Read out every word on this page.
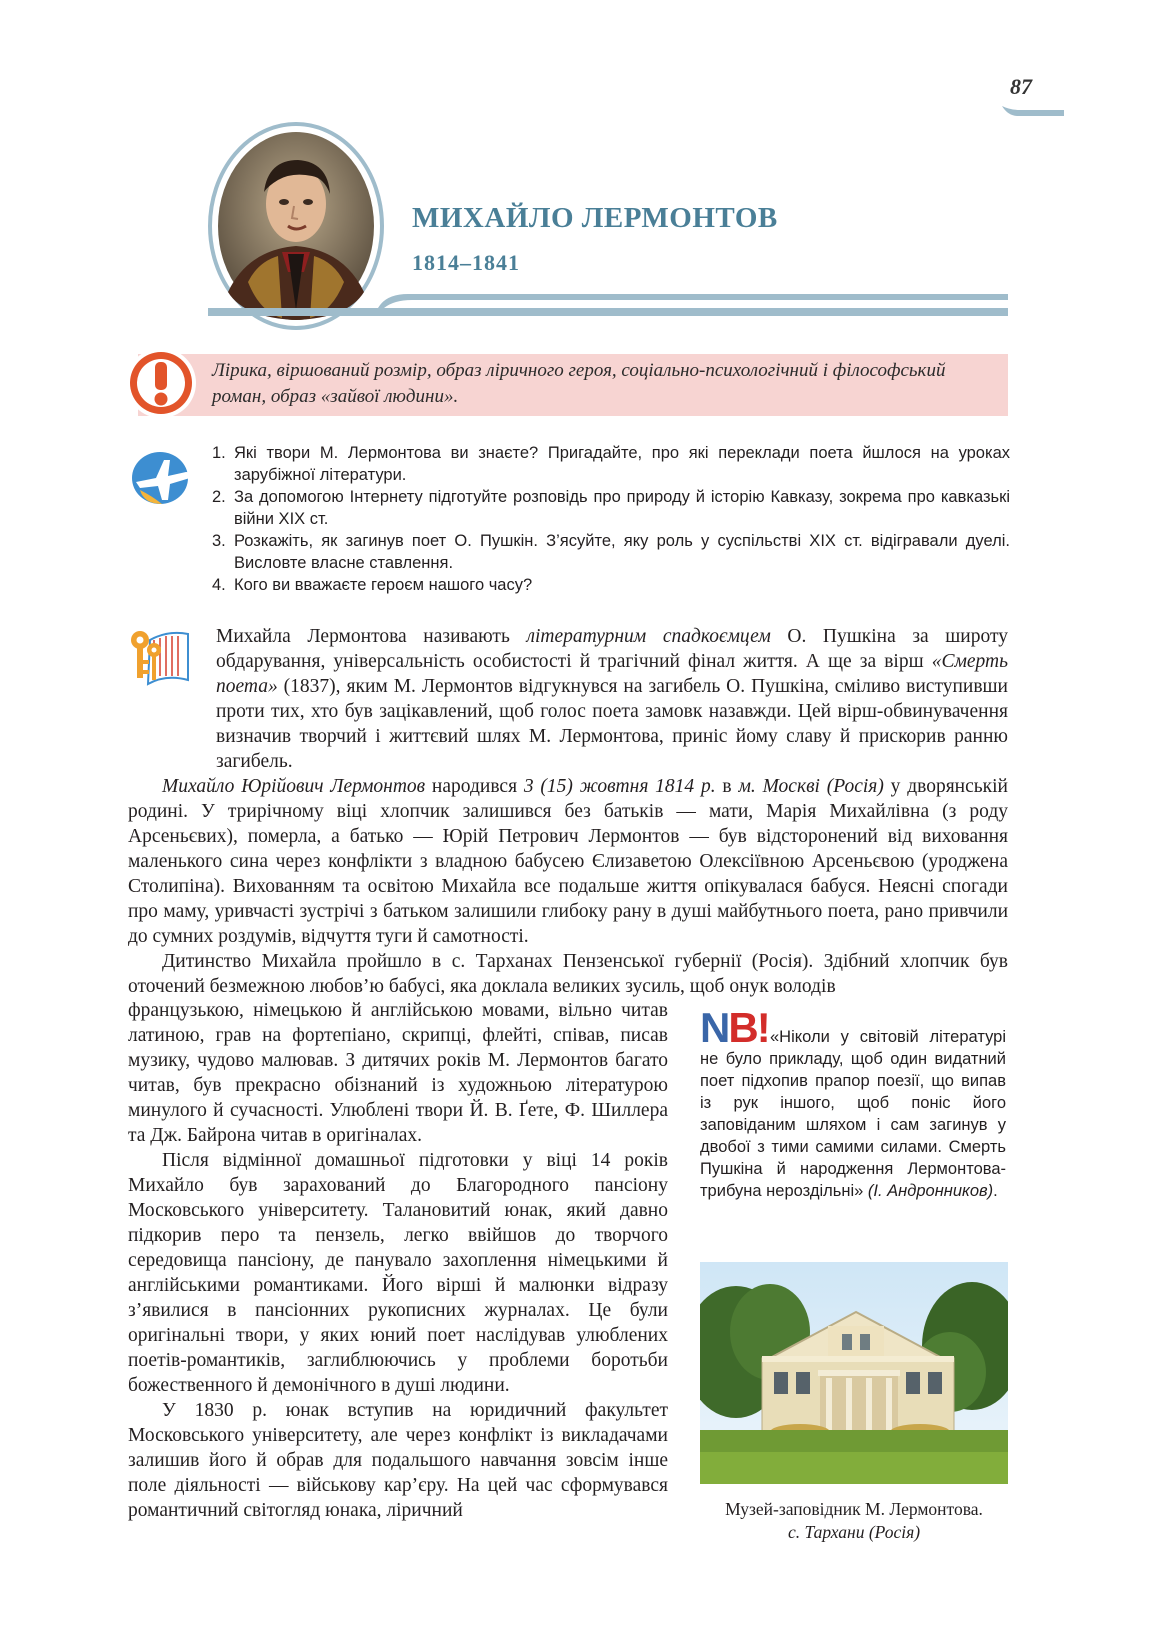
87
МИХАЙЛО ЛЕРМОНТОВ
1814–1841
Лірика, віршований розмір, образ ліричного героя, соціально-психологічний і філософський роман, образ «зайвої людини».
1. Які твори М. Лермонтова ви знаєте? Пригадайте, про які переклади поета йшлося на уроках зарубіжної літератури.
2. За допомогою Інтернету підготуйте розповідь про природу й історію Кавказу, зокрема про кавказькі війни XIX ст.
3. Розкажіть, як загинув поет О. Пушкін. З’ясуйте, яку роль у суспільстві XIX ст. відігравали дуелі. Висловте власне ставлення.
4. Кого ви вважаєте героєм нашого часу?

Михайла Лермонтова називають літературним спадкоємцем О. Пушкіна за широту обдарування, універсальність особистості й трагічний фінал життя. А ще за вірш «Смерть поета» (1837), яким М. Лермонтов відгукнувся на загибель О. Пушкіна, сміливо виступивши проти тих, хто був зацікавлений, щоб голос поета замовк назавжди. Цей вірш-обвинувачення визначив творчий і життєвий шлях М. Лермонтова, приніс йому славу й прискорив ранню загибель.

Михайло Юрійович Лермонтов народився 3 (15) жовтня 1814 р. в м. Москві (Росія) у дворянській родині. У трирічному віці хлопчик залишився без батьків — мати, Марія Михайлівна (з роду Арсеньєвих), померла, а батько — Юрій Петрович Лермонтов — був відсторонений від виховання маленького сина через конфлікти з владною бабусею Єлизаветою Олексіївною Арсеньєвою (уроджена Столипіна). Вихованням та освітою Михайла все подальше життя опікувалася бабуся. Неясні спогади про маму, уривчасті зустрічі з батьком залишили глибоку рану в душі майбутнього поета, рано привчили до сумних роздумів, відчуття туги й самотності.

Дитинство Михайла пройшло в с. Тарханах Пензенської губернії (Росія). Здібний хлопчик був оточений безмежною любов’ю бабусі, яка доклала великих зусиль, щоб онук володів

французькою, німецькою й англійською мовами, вільно читав латиною, грав на фортепіано, скрипці, флейті, співав, писав музику, чудово малював. З дитячих років М. Лермонтов багато читав, був прекрасно обізнаний із художньою літературою минулого й сучасності. Улюблені твори Й. В. Ґете, Ф. Шиллера та Дж. Байрона читав в оригіналах.

Після відмінної домашньої підготовки у віці 14 років Михайло був зарахований до Благородного пансіону Московського університету. Талановитий юнак, який давно підкорив перо та пензель, легко ввійшов до творчого середовища пансіону, де панувало захоплення німецькими й англійськими романтиками. Його вірші й малюнки відразу з’явилися в пансіонних рукописних журналах. Це були оригінальні твори, у яких юний поет наслідував улюблених поетів-романтиків, заглиблюючись у проблеми боротьби божественного й демонічного в душі людини.

У 1830 р. юнак вступив на юридичний факультет Московського університету, але через конфлікт із викладачами залишив його й обрав для подальшого навчання зовсім інше поле діяльності — військову кар’єру. На цей час сформувався романтичний світогляд юнака, ліричний

NB! «Ніколи у світовій літературі не було прикладу, щоб один видатний поет підхопив прапор поезії, що випав із рук іншого, щоб поніс його заповіданим шляхом і сам загинув у двобої з тими самими силами. Смерть Пушкіна й народження Лермонтова-трибуна нероздільні» (І. Андронников).
Музей-заповідник М. Лермонтова.
с. Тархани (Росія)
